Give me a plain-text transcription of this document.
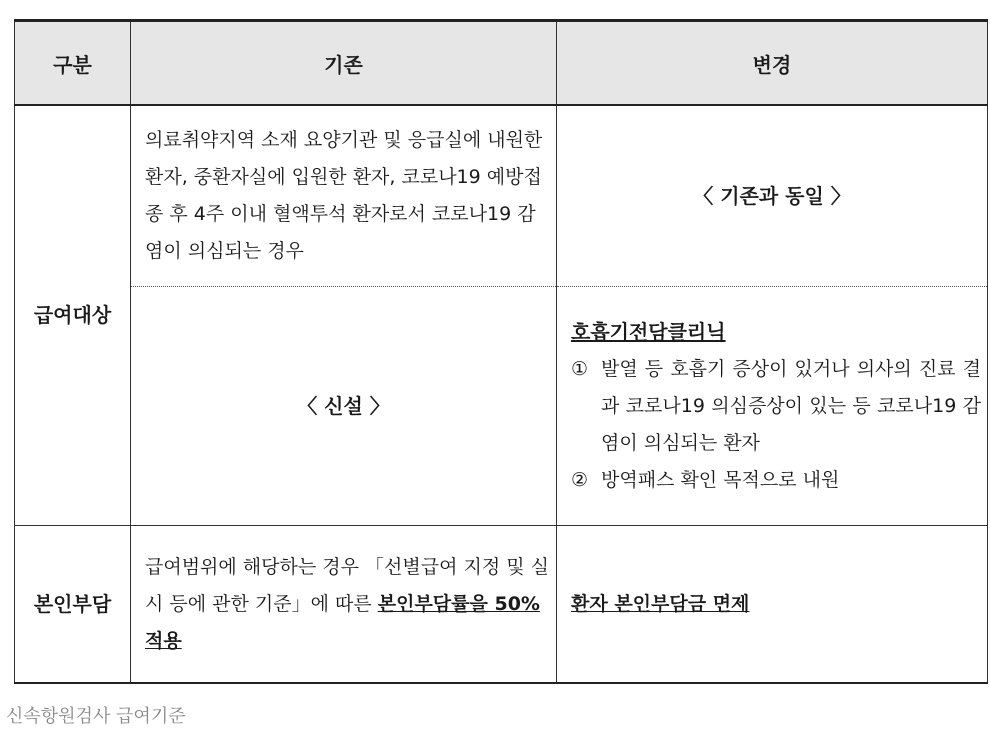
구분	기존	변경
급여대상	의료취약지역 소재 요양기관 및 응급실에 내원한 환자, 중환자실에 입원한 환자, 코로나19 예방접종 후 4주 이내 혈액투석 환자로서 코로나19 감염이 의심되는 경우	〈 기존과 동일 〉
	〈 신설 〉	호흡기전담클리닉
① 발열 등 호흡기 증상이 있거나 의사의 진료 결과 코로나19 의심증상이 있는 등 코로나19 감염이 의심되는 환자
② 방역패스 확인 목적으로 내원

본인부담	급여범위에 해당하는 경우 「선별급여 지정 및 실시 등에 관한 기준」에 따른 본인부담률을 50% 적용	환자 본인부담금 면제
신속항원검사 급여기준
